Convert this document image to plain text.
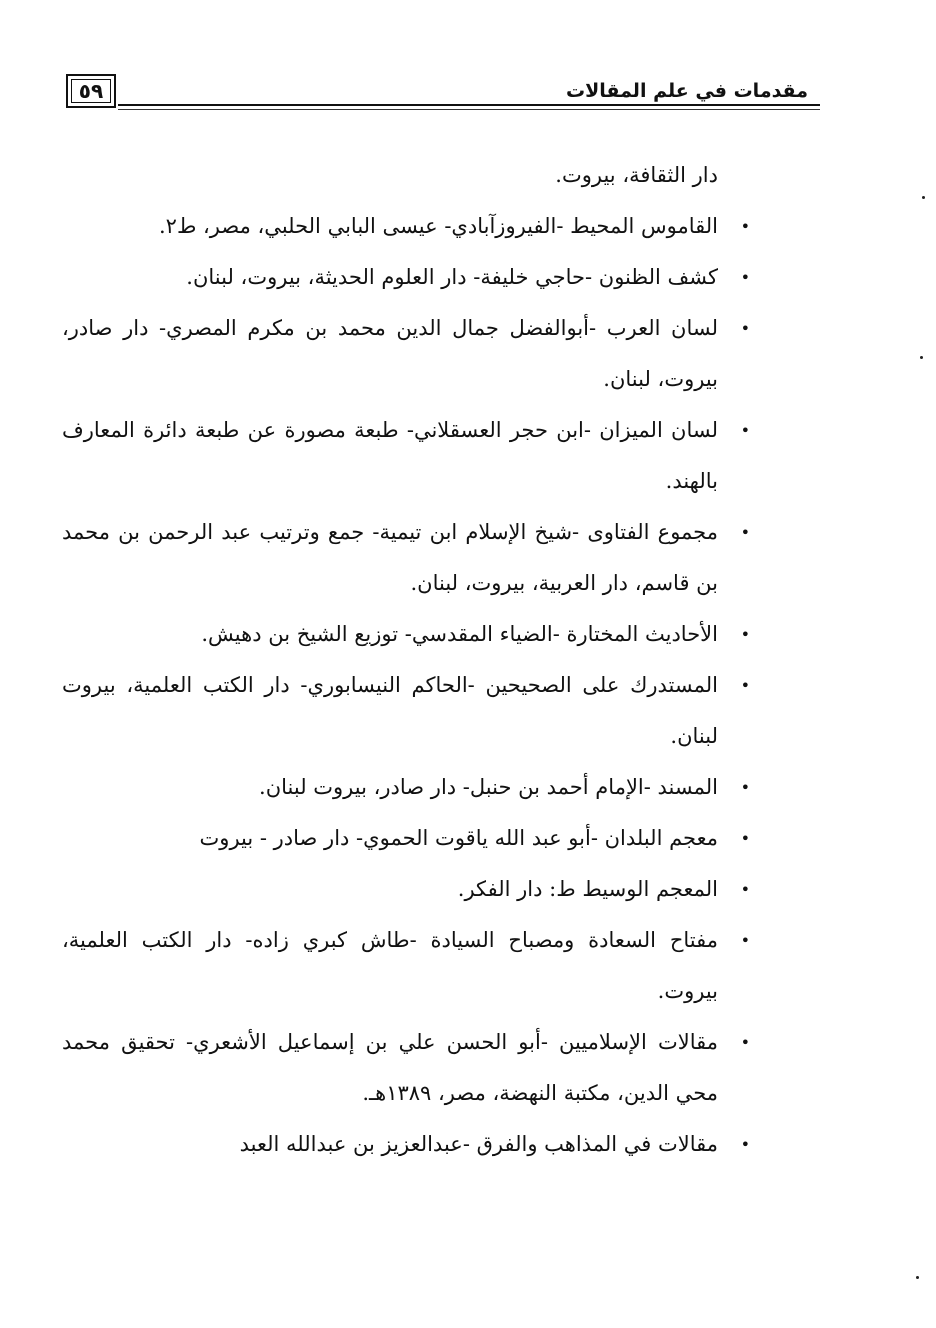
مقدمات في علم المقالات
٥٩

دار الثقافة، بيروت.

•
القاموس المحيط -الفيروزآبادي- عيسى البابي الحلبي، مصر، ط٢.
•
كشف الظنون -حاجي خليفة- دار العلوم الحديثة، بيروت، لبنان.
•
لسان العرب -أبوالفضل جمال الدين محمد بن مكرم المصري- دار صادر، بيروت، لبنان.
•
لسان الميزان -ابن حجر العسقلاني- طبعة مصورة عن طبعة دائرة المعارف بالهند.
•
مجموع الفتاوى -شيخ الإسلام ابن تيمية- جمع وترتيب عبد الرحمن بن محمد بن قاسم، دار العربية، بيروت، لبنان.
•
الأحاديث المختارة -الضياء المقدسي- توزيع الشيخ بن دهيش.
•
المستدرك على الصحيحين -الحاكم النيسابوري- دار الكتب العلمية، بيروت لبنان.
•
المسند -الإمام أحمد بن حنبل- دار صادر، بيروت لبنان.
•
معجم البلدان -أبو عبد الله ياقوت الحموي- دار صادر - بيروت
•
المعجم الوسيط ط: دار الفكر.
•
مفتاح السعادة ومصباح السيادة -طاش كبري زاده- دار الكتب العلمية، بيروت.
•
مقالات الإسلاميين -أبو الحسن علي بن إسماعيل الأشعري- تحقيق محمد محي الدين، مكتبة النهضة، مصر، ١٣٨٩هـ.
•
مقالات في المذاهب والفرق -عبدالعزيز بن عبدالله العبد
